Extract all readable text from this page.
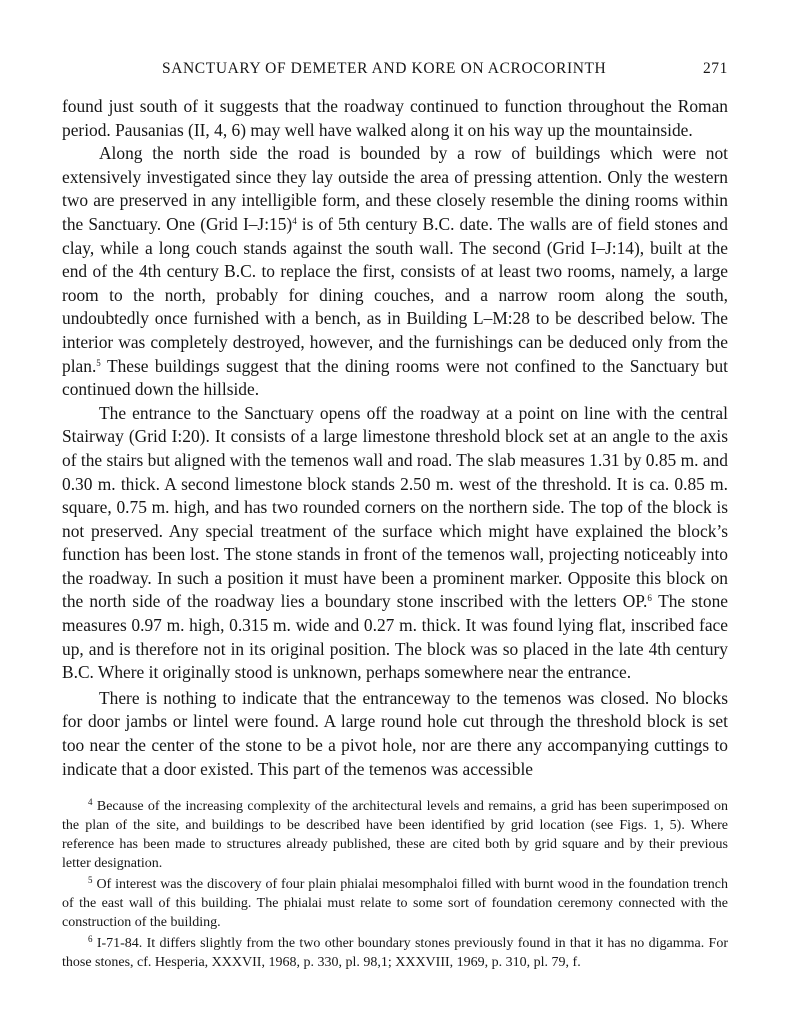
SANCTUARY OF DEMETER AND KORE ON ACROCORINTH	271

found just south of it suggests that the roadway continued to function throughout the Roman period. Pausanias (II, 4, 6) may well have walked along it on his way up the mountainside.

Along the north side the road is bounded by a row of buildings which were not extensively investigated since they lay outside the area of pressing attention. Only the western two are preserved in any intelligible form, and these closely resemble the dining rooms within the Sanctuary. One (Grid I–J:15)$^4$ is of 5th century B.C. date. The walls are of field stones and clay, while a long couch stands against the south wall. The second (Grid I–J:14), built at the end of the 4th century B.C. to replace the first, consists of at least two rooms, namely, a large room to the north, probably for dining couches, and a narrow room along the south, undoubtedly once furnished with a bench, as in Building L–M:28 to be described below. The interior was completely destroyed, however, and the furnishings can be deduced only from the plan.$^5$ These buildings suggest that the dining rooms were not confined to the Sanctuary but continued down the hillside.

The entrance to the Sanctuary opens off the roadway at a point on line with the central Stairway (Grid I:20). It consists of a large limestone threshold block set at an angle to the axis of the stairs but aligned with the temenos wall and road. The slab measures 1.31 by 0.85 m. and 0.30 m. thick. A second limestone block stands 2.50 m. west of the threshold. It is ca. 0.85 m. square, 0.75 m. high, and has two rounded corners on the northern side. The top of the block is not preserved. Any special treatment of the surface which might have explained the block’s function has been lost. The stone stands in front of the temenos wall, projecting noticeably into the roadway. In such a position it must have been a prominent marker. Opposite this block on the north side of the roadway lies a boundary stone inscribed with the letters ΟΡ.$^6$ The stone measures 0.97 m. high, 0.315 m. wide and 0.27 m. thick. It was found lying flat, inscribed face up, and is therefore not in its original position. The block was so placed in the late 4th century B.C. Where it originally stood is unknown, perhaps somewhere near the entrance.

There is nothing to indicate that the entranceway to the temenos was closed. No blocks for door jambs or lintel were found. A large round hole cut through the threshold block is set too near the center of the stone to be a pivot hole, nor are there any accompanying cuttings to indicate that a door existed. This part of the temenos was accessible

$^4$ Because of the increasing complexity of the architectural levels and remains, a grid has been superimposed on the plan of the site, and buildings to be described have been identified by grid location (see Figs. 1, 5). Where reference has been made to structures already published, these are cited both by grid square and by their previous letter designation.

$^5$ Of interest was the discovery of four plain phialai mesomphaloi filled with burnt wood in the foundation trench of the east wall of this building. The phialai must relate to some sort of foundation ceremony connected with the construction of the building.

$^6$ I-71-84. It differs slightly from the two other boundary stones previously found in that it has no digamma. For those stones, cf. Hesperia, XXXVII, 1968, p. 330, pl. 98,1; XXXVIII, 1969, p. 310, pl. 79, f.
